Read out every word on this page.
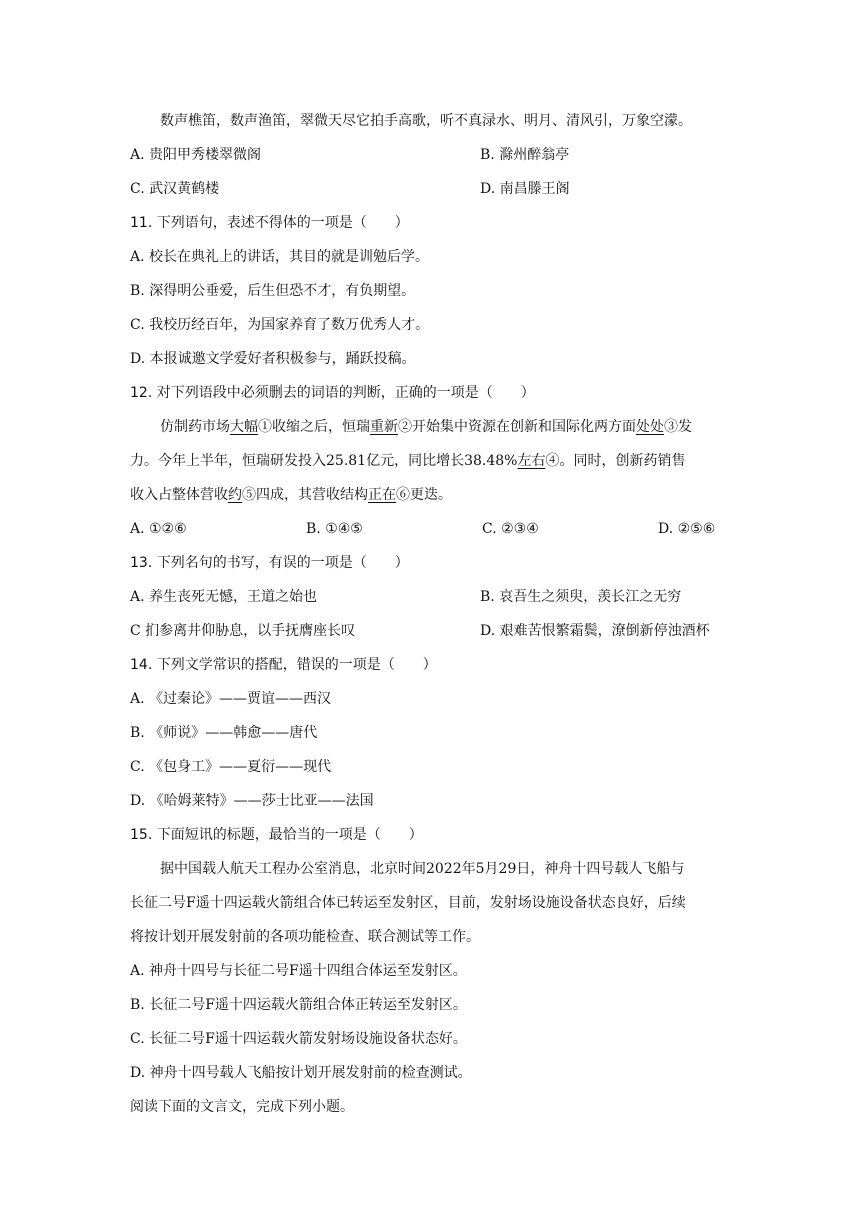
数声樵笛，数声渔笛，翠微天尽它拍手高歌，听不真渌水、明月、清风引，万象空濛。
A. 贵阳甲秀楼翠微阁	B. 滁州醉翁亭
C. 武汉黄鹤楼	D. 南昌滕王阁
11. 下列语句，表述不得体的一项是（　　）
A. 校长在典礼上的讲话，其目的就是训勉后学。
B. 深得明公垂爱，后生但恐不才，有负期望。
C. 我校历经百年，为国家养育了数万优秀人才。
D. 本报诚邀文学爱好者积极参与，踊跃投稿。
12. 对下列语段中必须删去的词语的判断，正确的一项是（　　）
仿制药市场大幅①收缩之后，恒瑞重新②开始集中资源在创新和国际化两方面处处③发
力。今年上半年，恒瑞研发投入25.81亿元，同比增长38.48%左右④。同时，创新药销售
收入占整体营收约⑤四成，其营收结构正在⑥更迭。
A. ①②⑥	B. ①④⑤	C. ②③④	D. ②⑤⑥
13. 下列名句的书写，有误的一项是（　　）
A. 养生丧死无憾，王道之始也	B. 哀吾生之须臾，羡长江之无穷
C 扪参离井仰胁息，以手抚膺座长叹	D. 艰难苦恨繁霜鬓，潦倒新停浊酒杯
14. 下列文学常识的搭配，错误的一项是（　　）
A. 《过秦论》——贾谊——西汉
B. 《师说》——韩愈——唐代
C. 《包身工》——夏衍——现代
D. 《哈姆莱特》——莎士比亚——法国
15. 下面短讯的标题，最恰当的一项是（　　）
据中国载人航天工程办公室消息，北京时间2022年5月29日，神舟十四号载人飞船与
长征二号F遥十四运载火箭组合体已转运至发射区，目前，发射场设施设备状态良好，后续
将按计划开展发射前的各项功能检查、联合测试等工作。
A. 神舟十四号与长征二号F遥十四组合体运至发射区。
B. 长征二号F遥十四运载火箭组合体正转运至发射区。
C. 长征二号F遥十四运载火箭发射场设施设备状态好。
D. 神舟十四号载人飞船按计划开展发射前的检查测试。
阅读下面的文言文，完成下列小题。
